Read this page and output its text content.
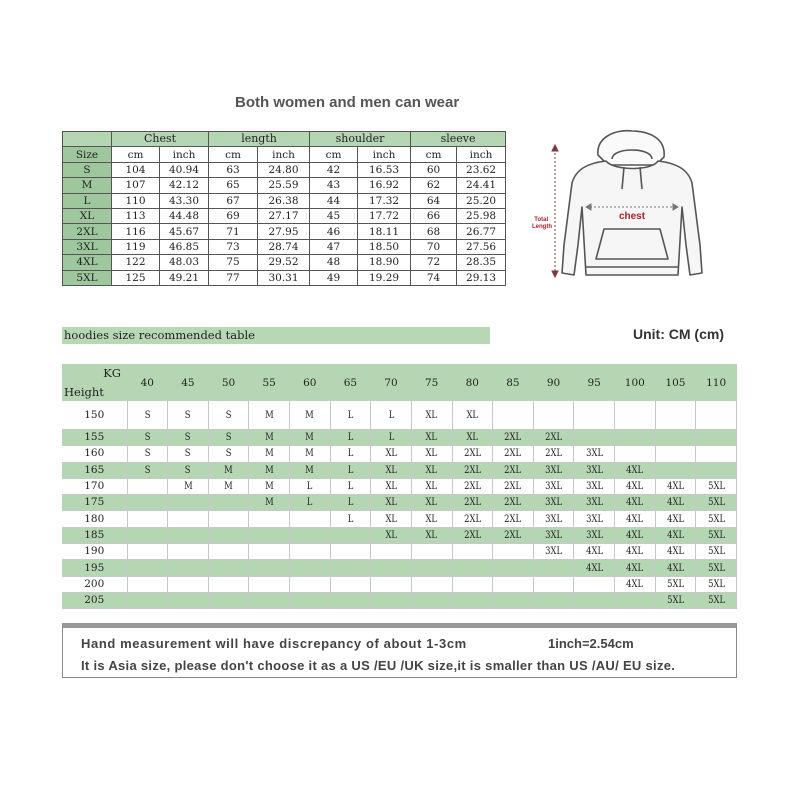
Both women and men can wear
	Chest		length		shoulder		sleeve	
Size	cm	inch	cm	inch	cm	inch	cm	inch
S	104	40.94	63	24.80	42	16.53	60	23.62
M	107	42.12	65	25.59	43	16.92	62	24.41
L	110	43.30	67	26.38	44	17.32	64	25.20
XL	113	44.48	69	27.17	45	17.72	66	25.98
2XL	116	45.67	71	27.95	46	18.11	68	26.77
3XL	119	46.85	73	28.74	47	18.50	70	27.56
4XL	122	48.03	75	29.52	48	18.90	72	28.35
5XL	125	49.21	77	30.31	49	19.29	74	29.13
chest
Total Length
hoodies size recommended table	Unit: CM (cm)
KG
Height	40	45	50	55	60	65	70	75	80	85	90	95	100	105	110
150	S	S	S	M	M	L	L	XL	XL						
155	S	S	S	M	M	L	L	XL	XL	2XL	2XL				
160	S	S	S	M	M	L	XL	XL	2XL	2XL	2XL	3XL			
165	S	S	M	M	M	L	XL	XL	2XL	2XL	3XL	3XL	4XL		
170		M	M	M	L	L	XL	XL	2XL	2XL	3XL	3XL	4XL	4XL	5XL
175				M	L	L	XL	XL	2XL	2XL	3XL	3XL	4XL	4XL	5XL
180						L	XL	XL	2XL	2XL	3XL	3XL	4XL	4XL	5XL
185							XL	XL	2XL	2XL	3XL	3XL	4XL	4XL	5XL
190											3XL	4XL	4XL	4XL	5XL
195												4XL	4XL	4XL	5XL
200													4XL	5XL	5XL
205														5XL	5XL
Hand measurement will have discrepancy of about 1-3cm	1inch=2.54cm
It is Asia size, please don't choose it as a US /EU /UK size,it is smaller than US /AU/ EU size.
